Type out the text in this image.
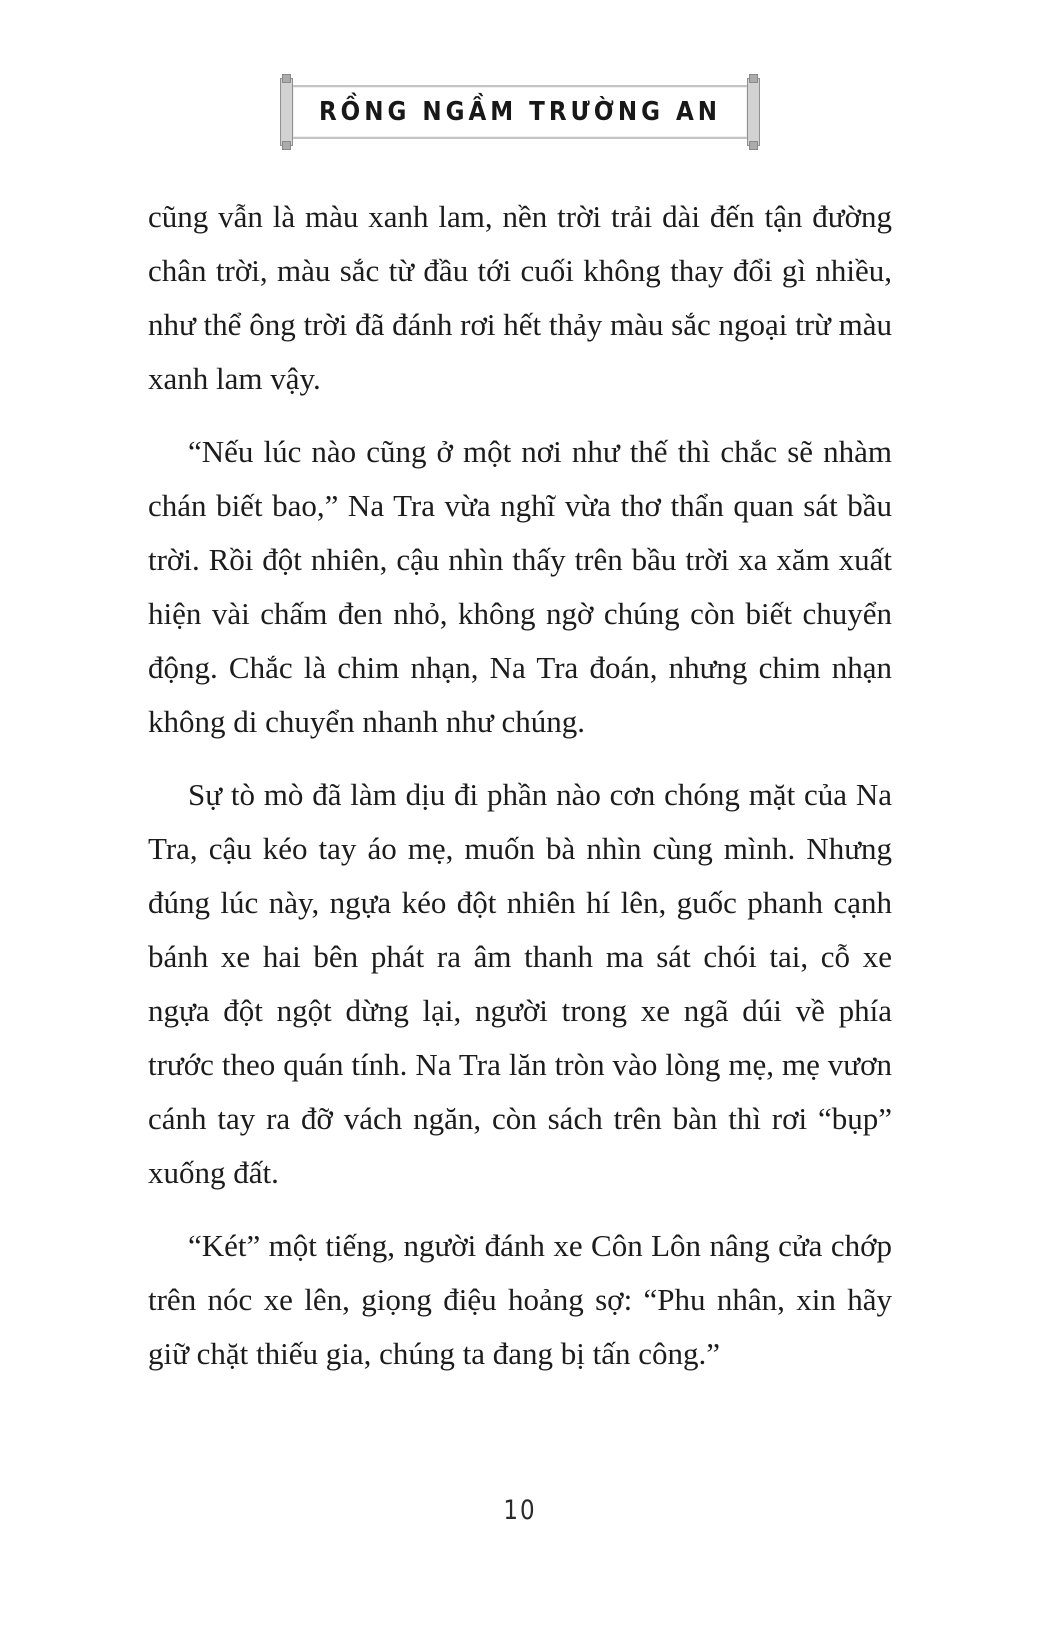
RỒNG NGẦM TRƯỜNG AN

cũng vẫn là màu xanh lam, nền trời trải dài đến tận đường chân trời, màu sắc từ đầu tới cuối không thay đổi gì nhiều, như thể ông trời đã đánh rơi hết thảy màu sắc ngoại trừ màu xanh lam vậy.

“Nếu lúc nào cũng ở một nơi như thế thì chắc sẽ nhàm chán biết bao,” Na Tra vừa nghĩ vừa thơ thẩn quan sát bầu trời. Rồi đột nhiên, cậu nhìn thấy trên bầu trời xa xăm xuất hiện vài chấm đen nhỏ, không ngờ chúng còn biết chuyển động. Chắc là chim nhạn, Na Tra đoán, nhưng chim nhạn không di chuyển nhanh như chúng.

Sự tò mò đã làm dịu đi phần nào cơn chóng mặt của Na Tra, cậu kéo tay áo mẹ, muốn bà nhìn cùng mình. Nhưng đúng lúc này, ngựa kéo đột nhiên hí lên, guốc phanh cạnh bánh xe hai bên phát ra âm thanh ma sát chói tai, cỗ xe ngựa đột ngột dừng lại, người trong xe ngã dúi về phía trước theo quán tính. Na Tra lăn tròn vào lòng mẹ, mẹ vươn cánh tay ra đỡ vách ngăn, còn sách trên bàn thì rơi “bụp” xuống đất.

“Két” một tiếng, người đánh xe Côn Lôn nâng cửa chớp trên nóc xe lên, giọng điệu hoảng sợ: “Phu nhân, xin hãy giữ chặt thiếu gia, chúng ta đang bị tấn công.”

10
